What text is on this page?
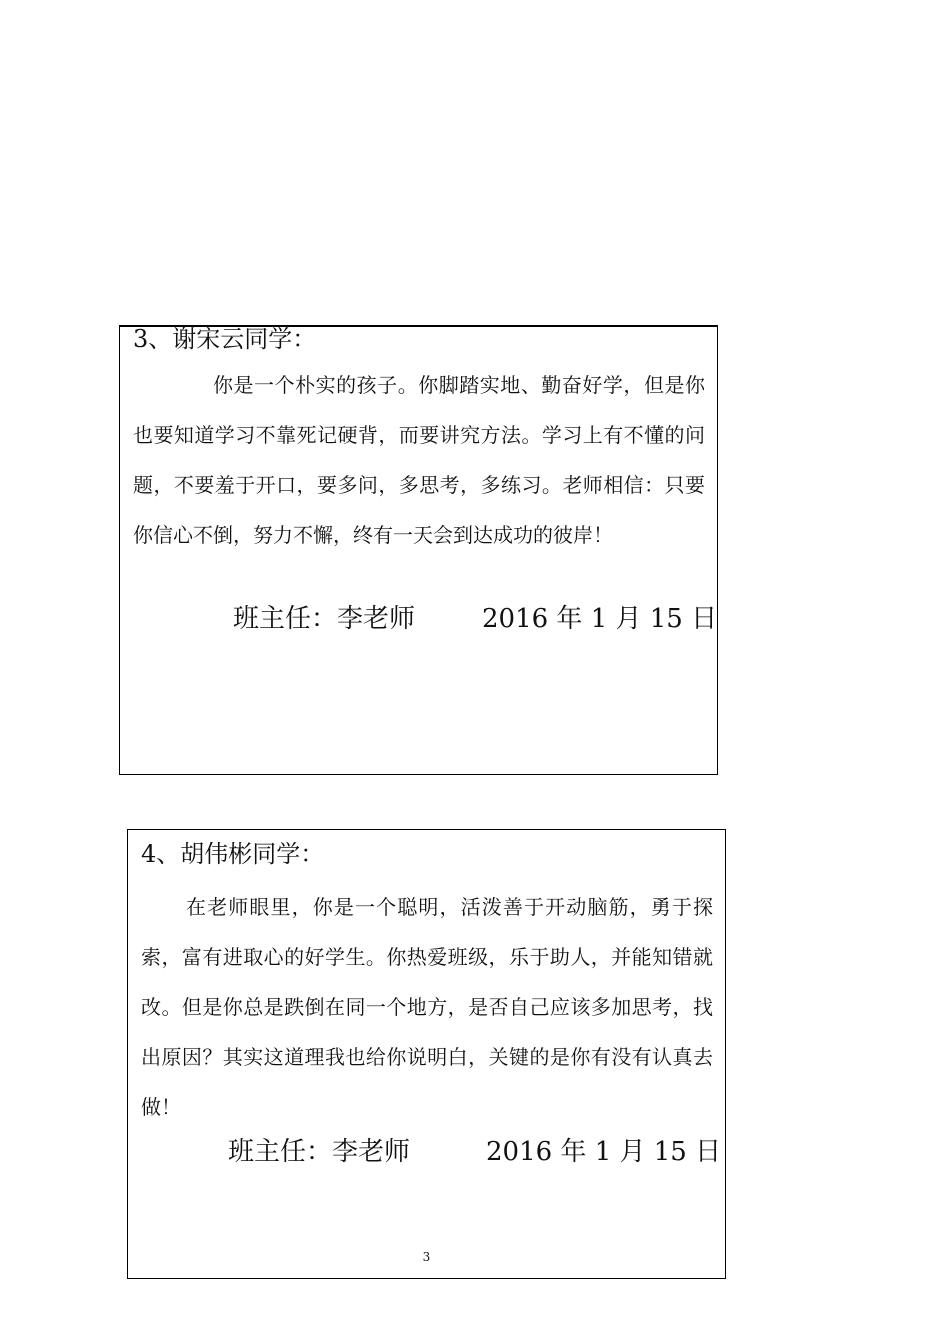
3、谢宋云同学：

你是一个朴实的孩子。你脚踏实地、勤奋好学，但是你也要知道学习不靠死记硬背，而要讲究方法。学习上有不懂的问题，不要羞于开口，要多问，多思考，多练习。老师相信：只要你信心不倒，努力不懈，终有一天会到达成功的彼岸！

班主任：李老师	2016 年 1 月 15 日
4、胡伟彬同学：

在老师眼里，你是一个聪明，活泼善于开动脑筋，勇于探索，富有进取心的好学生。你热爱班级，乐于助人，并能知错就改。但是你总是跌倒在同一个地方，是否自己应该多加思考，找出原因？其实这道理我也给你说明白，关键的是你有没有认真去做！

班主任：李老师	2016 年 1 月 15 日
3
